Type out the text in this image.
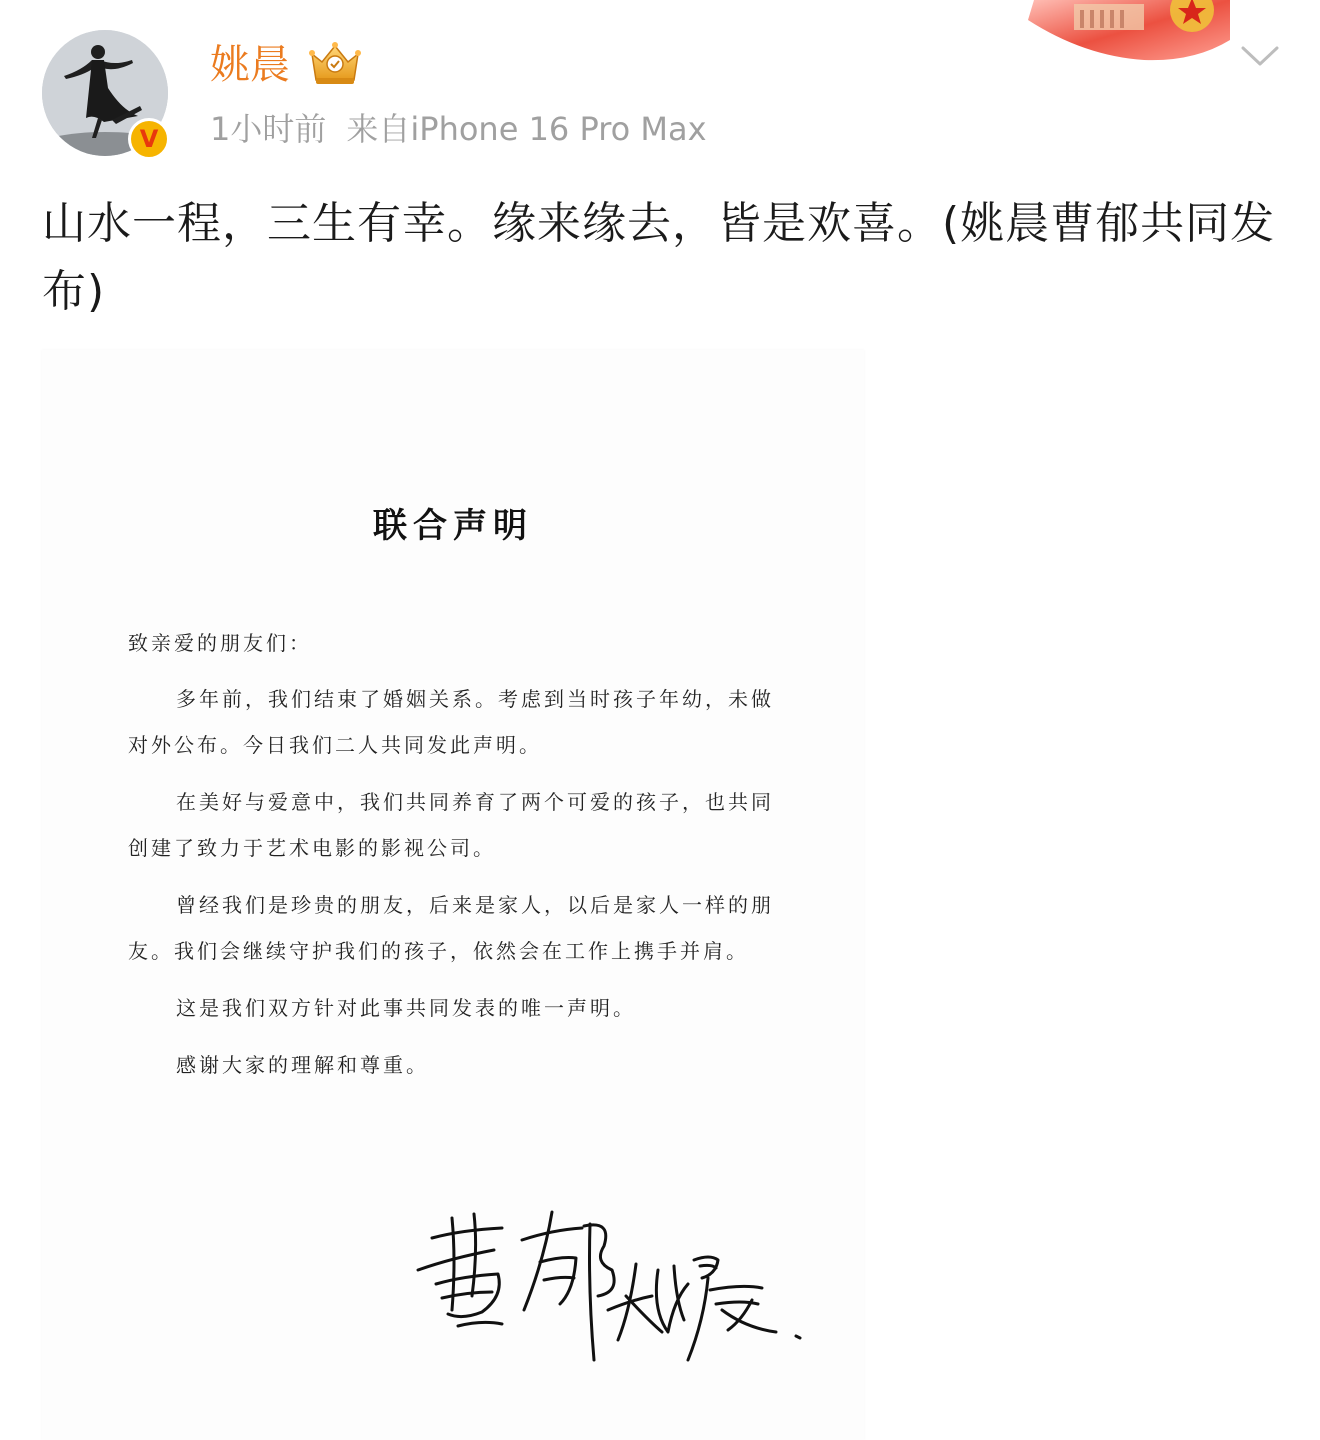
V
姚晨
1小时前 来自iPhone 16 Pro Max
山水一程，三生有幸。缘来缘去，皆是欢喜。(姚晨曹郁共同发布)
联合声明

致亲爱的朋友们：

多年前，我们结束了婚姻关系。考虑到当时孩子年幼，未做对外公布。今日我们二人共同发此声明。

在美好与爱意中，我们共同养育了两个可爱的孩子，也共同创建了致力于艺术电影的影视公司。

曾经我们是珍贵的朋友，后来是家人，以后是家人一样的朋友。我们会继续守护我们的孩子，依然会在工作上携手并肩。

这是我们双方针对此事共同发表的唯一声明。

感谢大家的理解和尊重。
